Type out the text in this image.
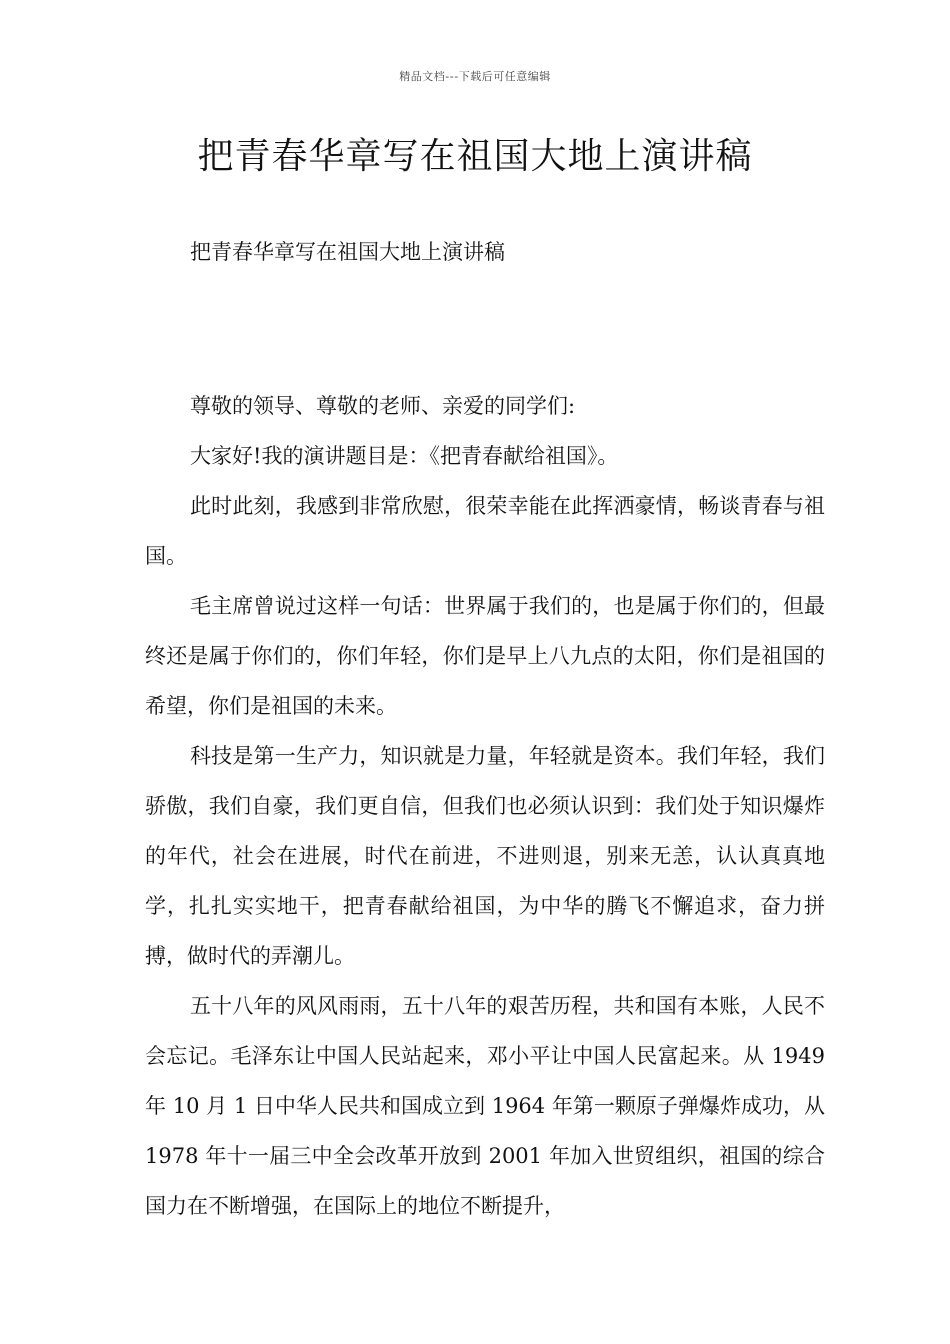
精品文档---下载后可任意编辑
把青春华章写在祖国大地上演讲稿
把青春华章写在祖国大地上演讲稿

尊敬的领导、尊敬的老师、亲爱的同学们:

大家好!我的演讲题目是：《把青春献给祖国》。

此时此刻，我感到非常欣慰，很荣幸能在此挥洒豪情，畅谈青春与祖国。

毛主席曾说过这样一句话：世界属于我们的，也是属于你们的，但最终还是属于你们的，你们年轻，你们是早上八九点的太阳，你们是祖国的希望，你们是祖国的未来。

科技是第一生产力，知识就是力量，年轻就是资本。我们年轻，我们骄傲，我们自豪，我们更自信，但我们也必须认识到：我们处于知识爆炸的年代，社会在进展，时代在前进，不进则退，别来无恙，认认真真地学，扎扎实实地干，把青春献给祖国，为中华的腾飞不懈追求，奋力拼搏，做时代的弄潮儿。

五十八年的风风雨雨，五十八年的艰苦历程，共和国有本账，人民不会忘记。毛泽东让中国人民站起来，邓小平让中国人民富起来。从 1949 年 10 月 1 日中华人民共和国成立到 1964 年第一颗原子弹爆炸成功，从 1978 年十一届三中全会改革开放到 2001 年加入世贸组织，祖国的综合国力在不断增强，在国际上的地位不断提升，
